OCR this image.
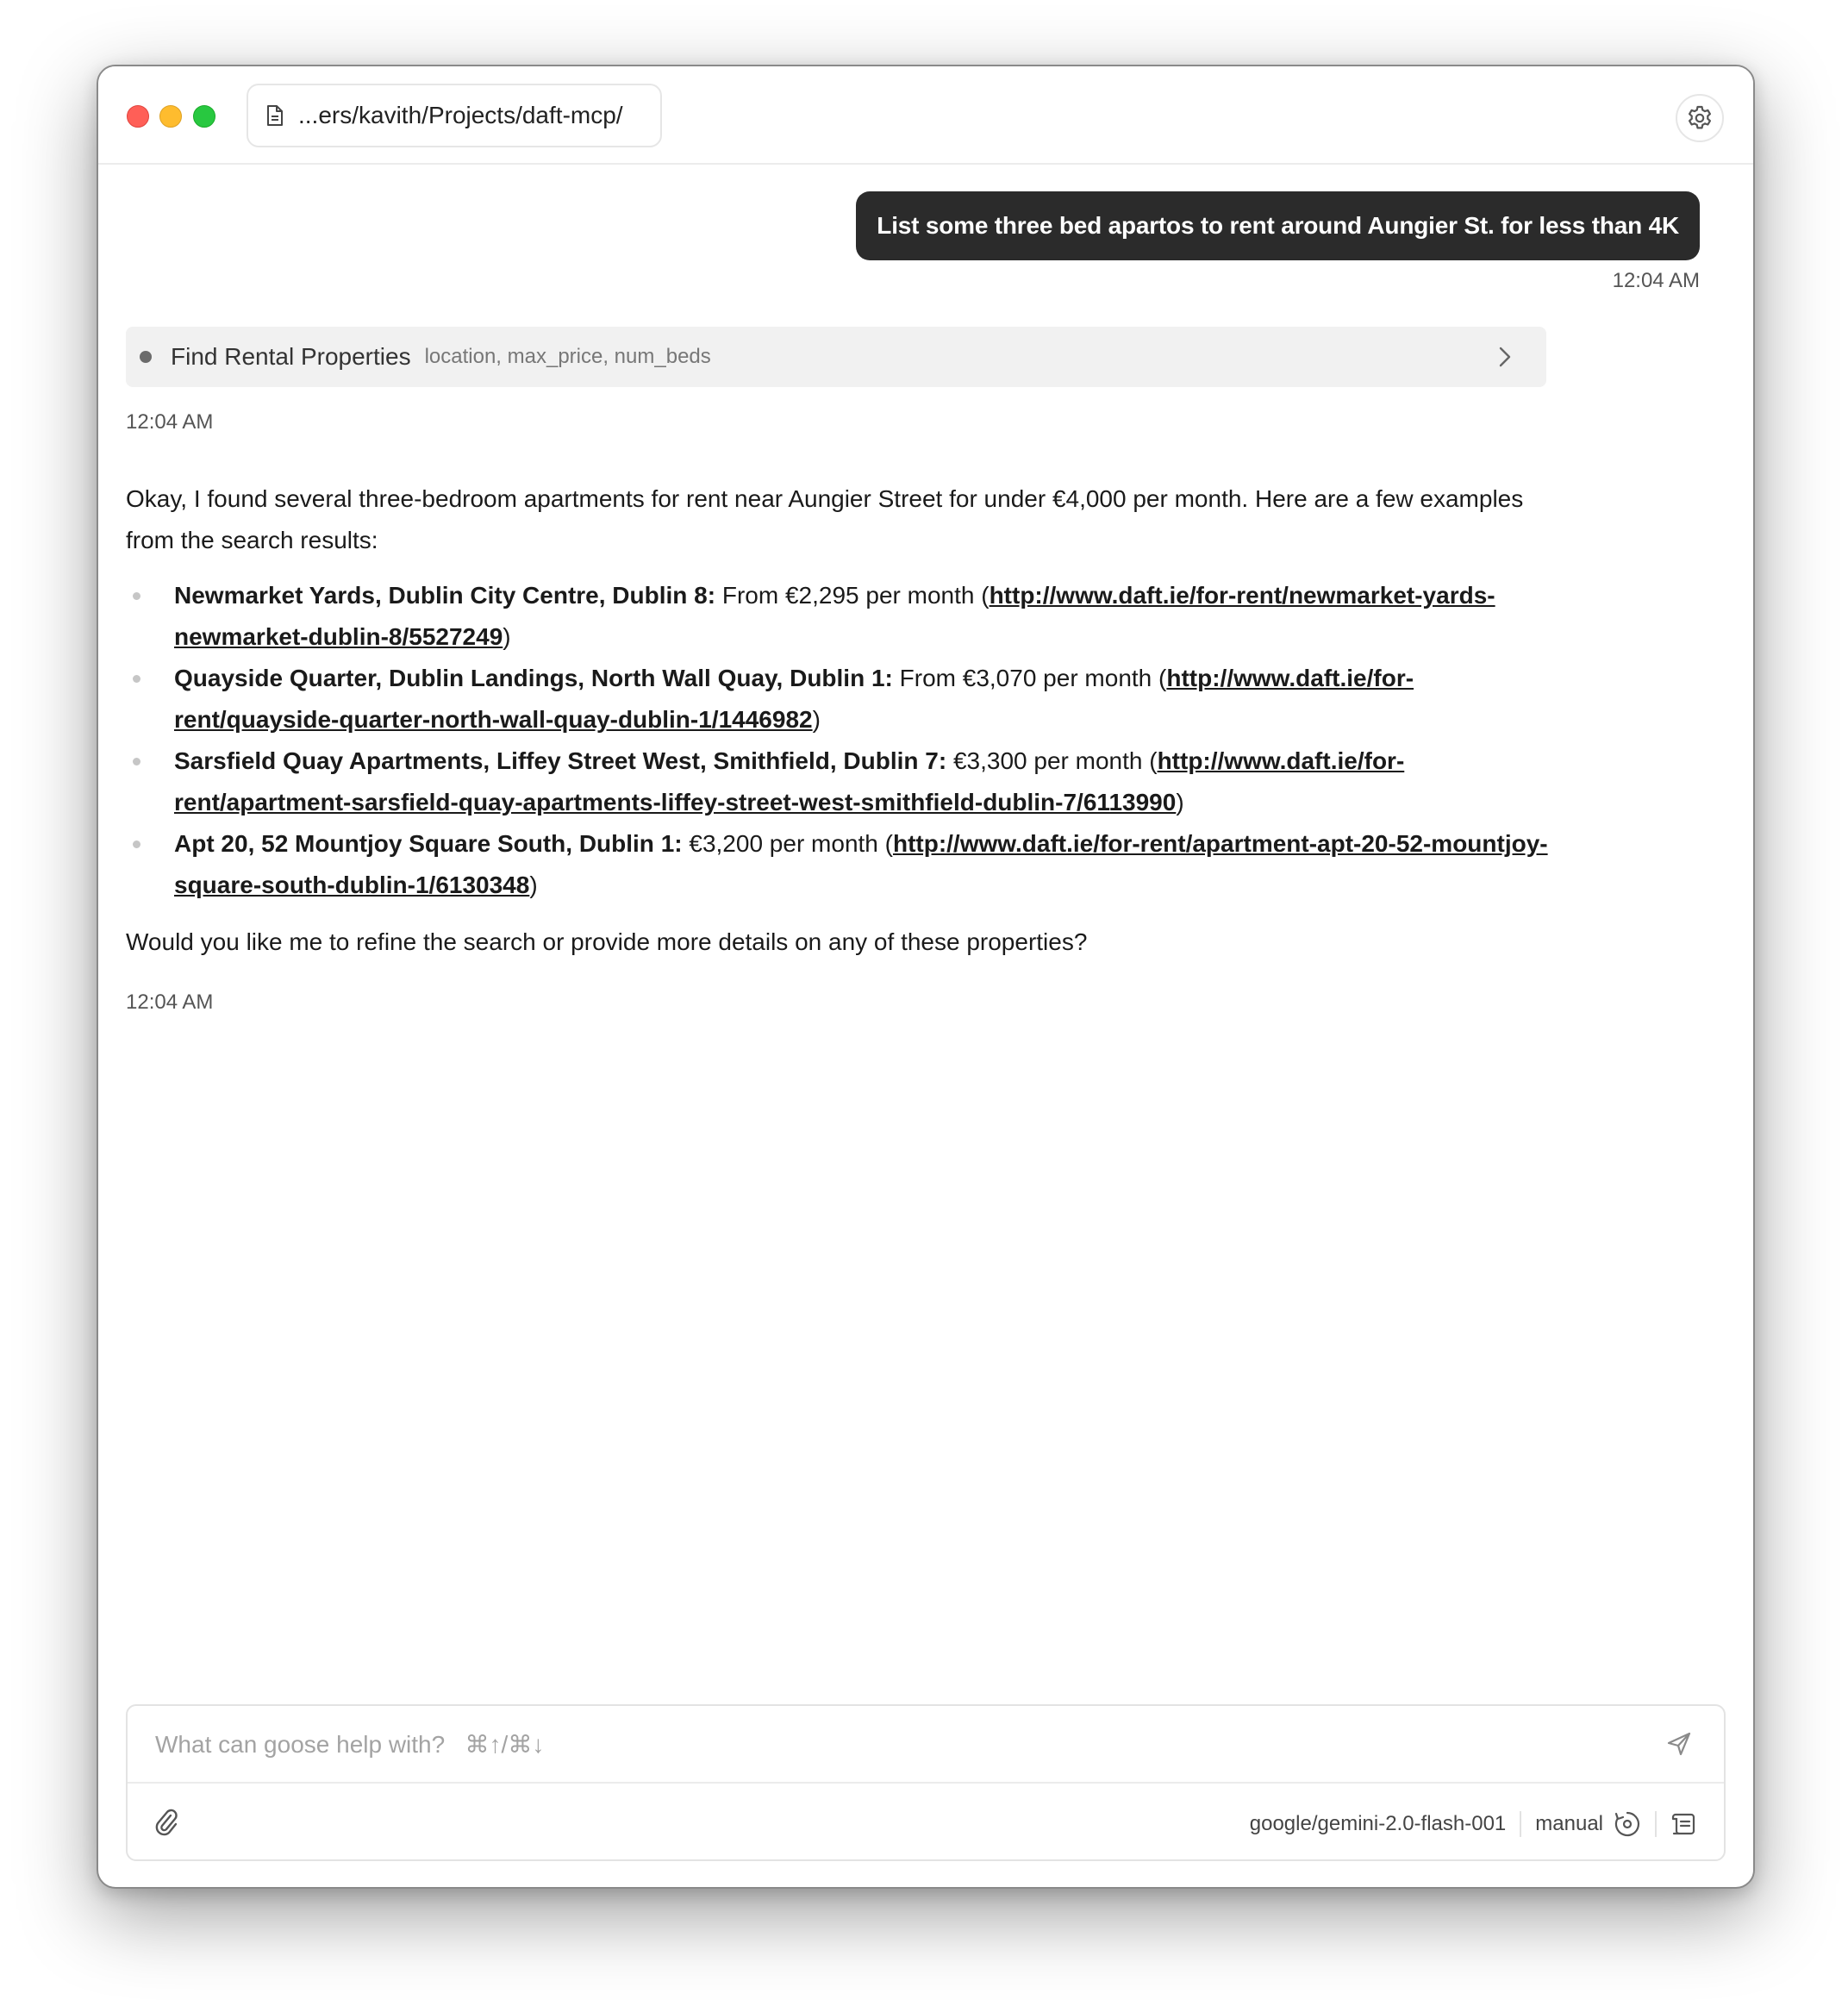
...ers/kavith/Projects/daft-mcp/
List some three bed apartos to rent around Aungier St. for less than 4K
12:04 AM
Find Rental Properties location, max_price, num_beds
12:04 AM

Okay, I found several three-bedroom apartments for rent near Aungier Street for under €4,000 per month. Here are a few examples from the search results:

Newmarket Yards, Dublin City Centre, Dublin 8: From €2,295 per month (http://www.daft.ie/for-rent/newmarket-yards-newmarket-dublin-8/5527249)
Quayside Quarter, Dublin Landings, North Wall Quay, Dublin 1: From €3,070 per month (http://www.daft.ie/for-rent/quayside-quarter-north-wall-quay-dublin-1/1446982)
Sarsfield Quay Apartments, Liffey Street West, Smithfield, Dublin 7: €3,300 per month (http://www.daft.ie/for-rent/apartment-sarsfield-quay-apartments-liffey-street-west-smithfield-dublin-7/6113990)
Apt 20, 52 Mountjoy Square South, Dublin 1: €3,200 per month (http://www.daft.ie/for-rent/apartment-apt-20-52-mountjoy-square-south-dublin-1/6130348)

Would you like me to refine the search or provide more details on any of these properties?

12:04 AM
What can goose help with? ⌘↑/⌘↓
google/gemini-2.0-flash-001 manual
